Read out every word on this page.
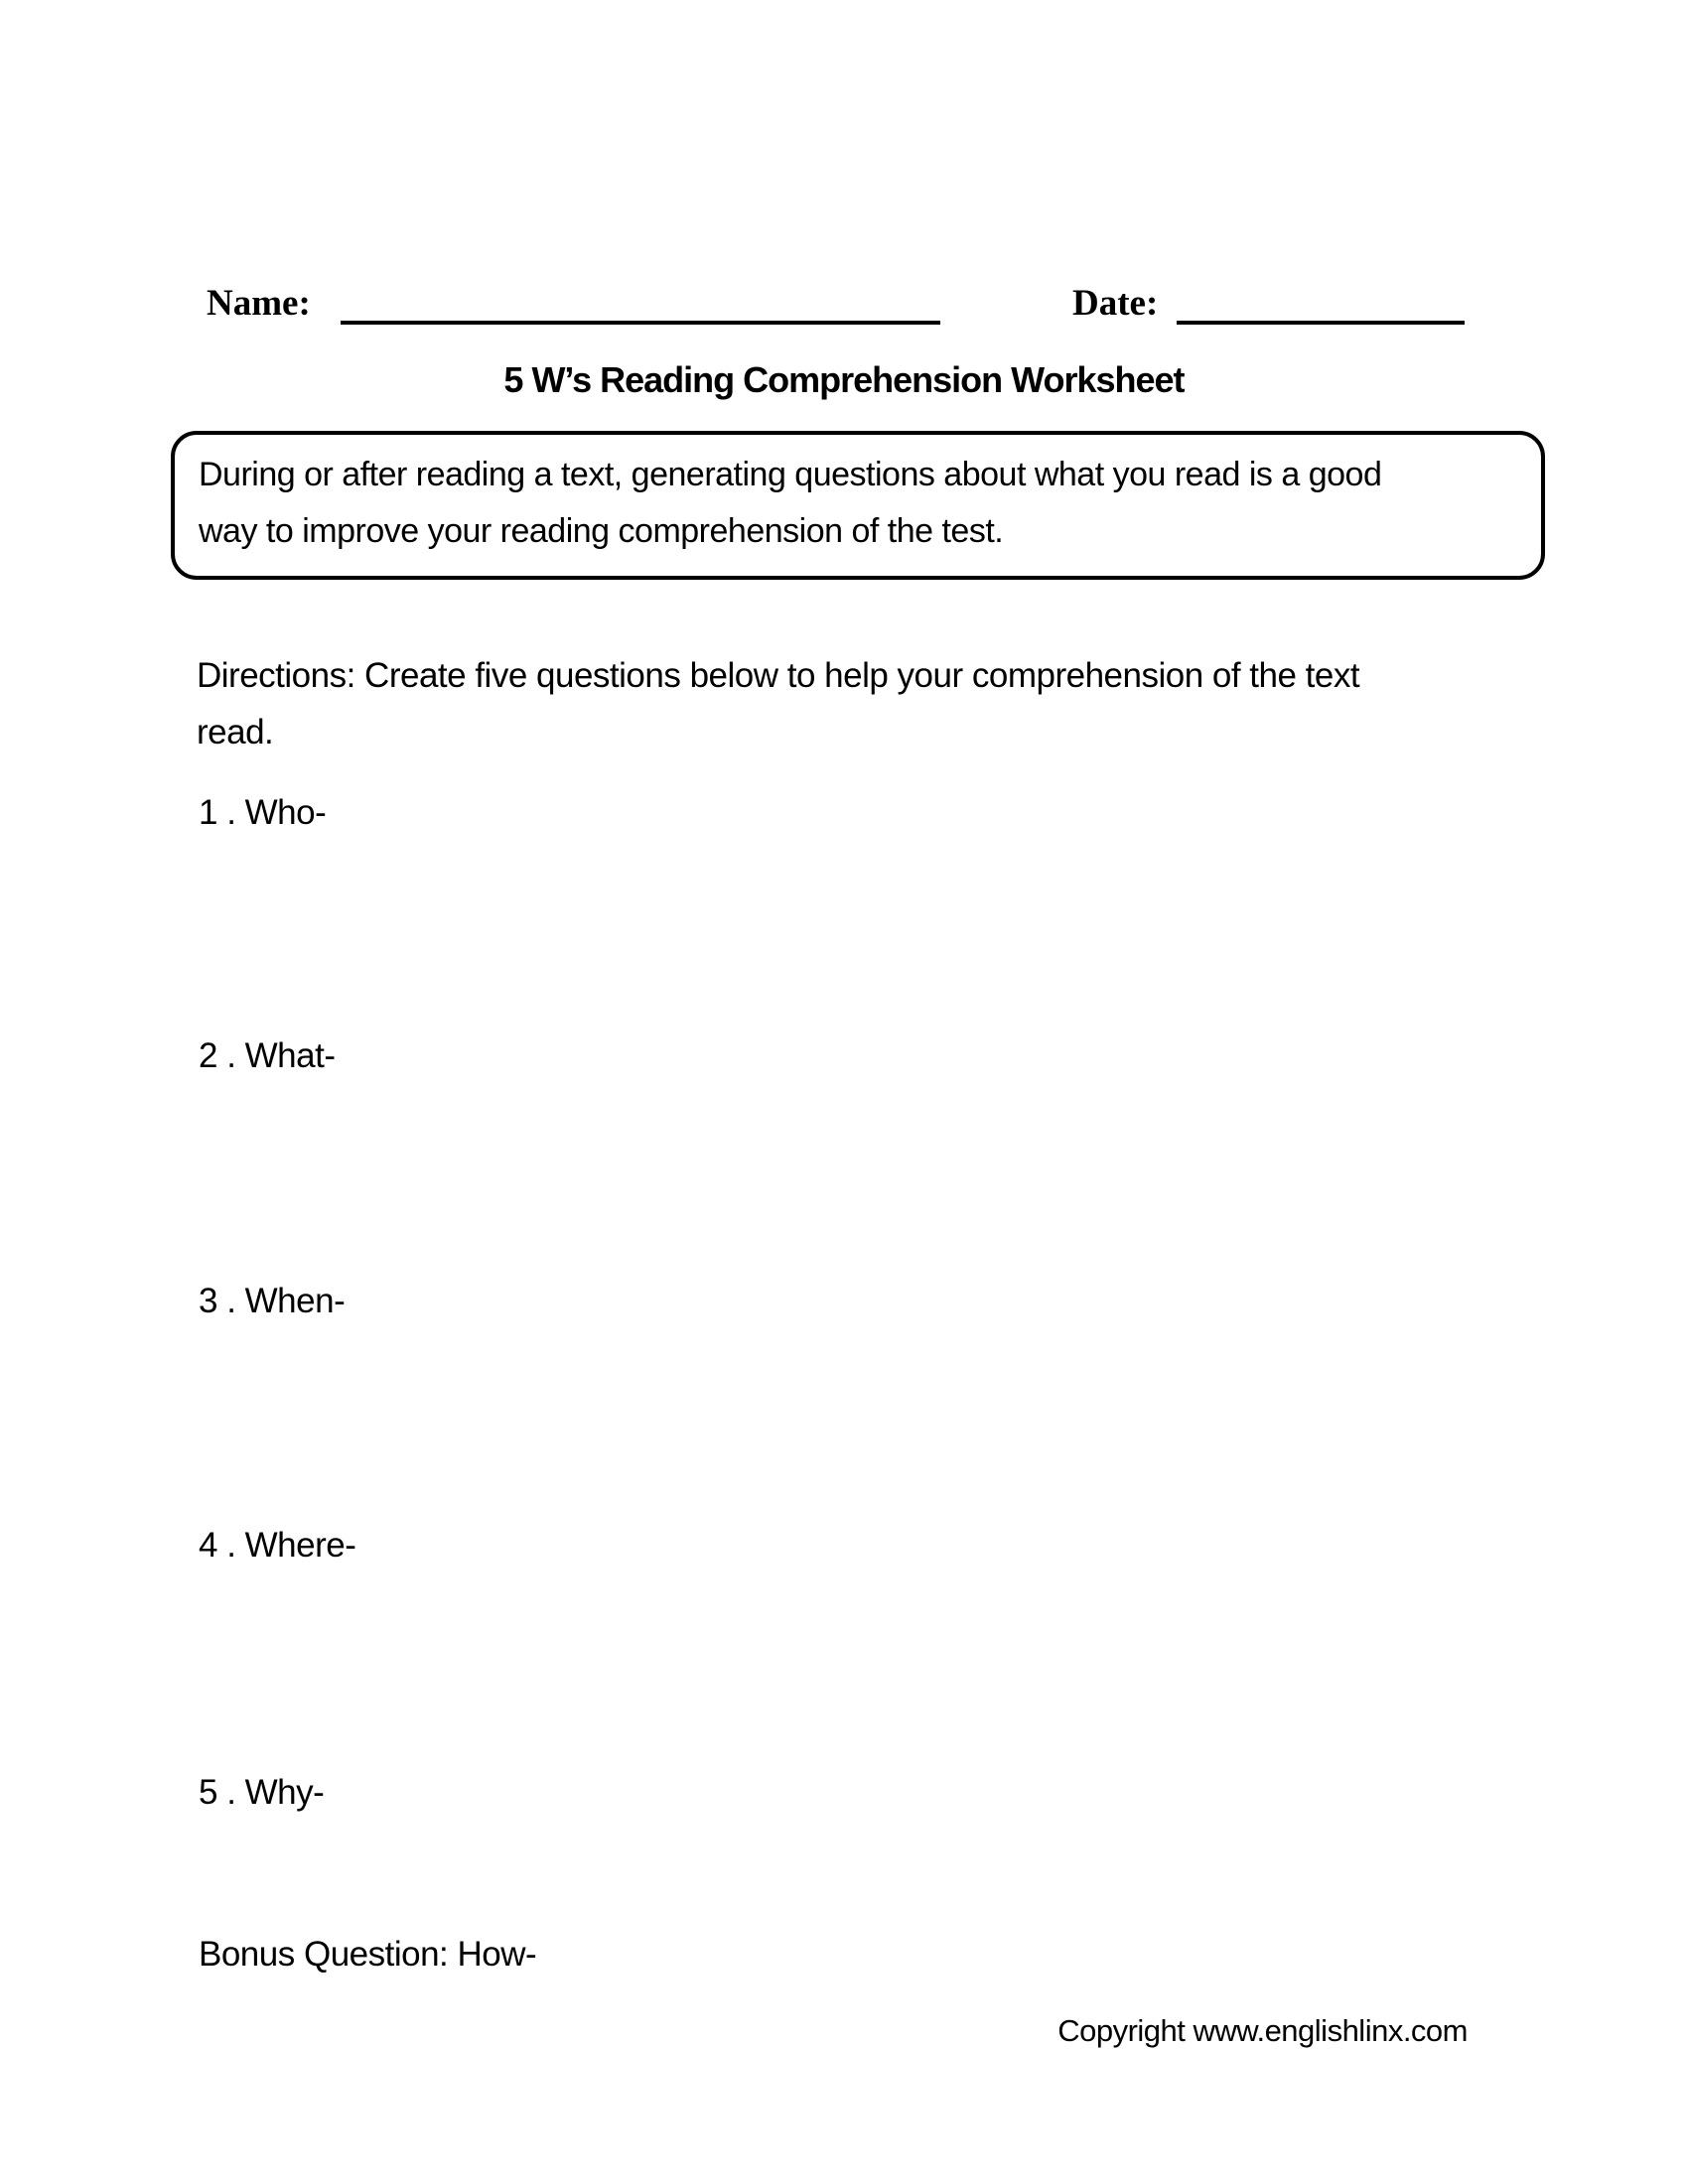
Name:	Date:
5 W’s Reading Comprehension Worksheet
During or after reading a text, generating questions about what you read is a good
way to improve your reading comprehension of the test.
Directions: Create five questions below to help your comprehension of the text
read.
1 . Who-
2 . What-
3 . When-
4 . Where-
5 . Why-
Bonus Question: How-
Copyright www.englishlinx.com
